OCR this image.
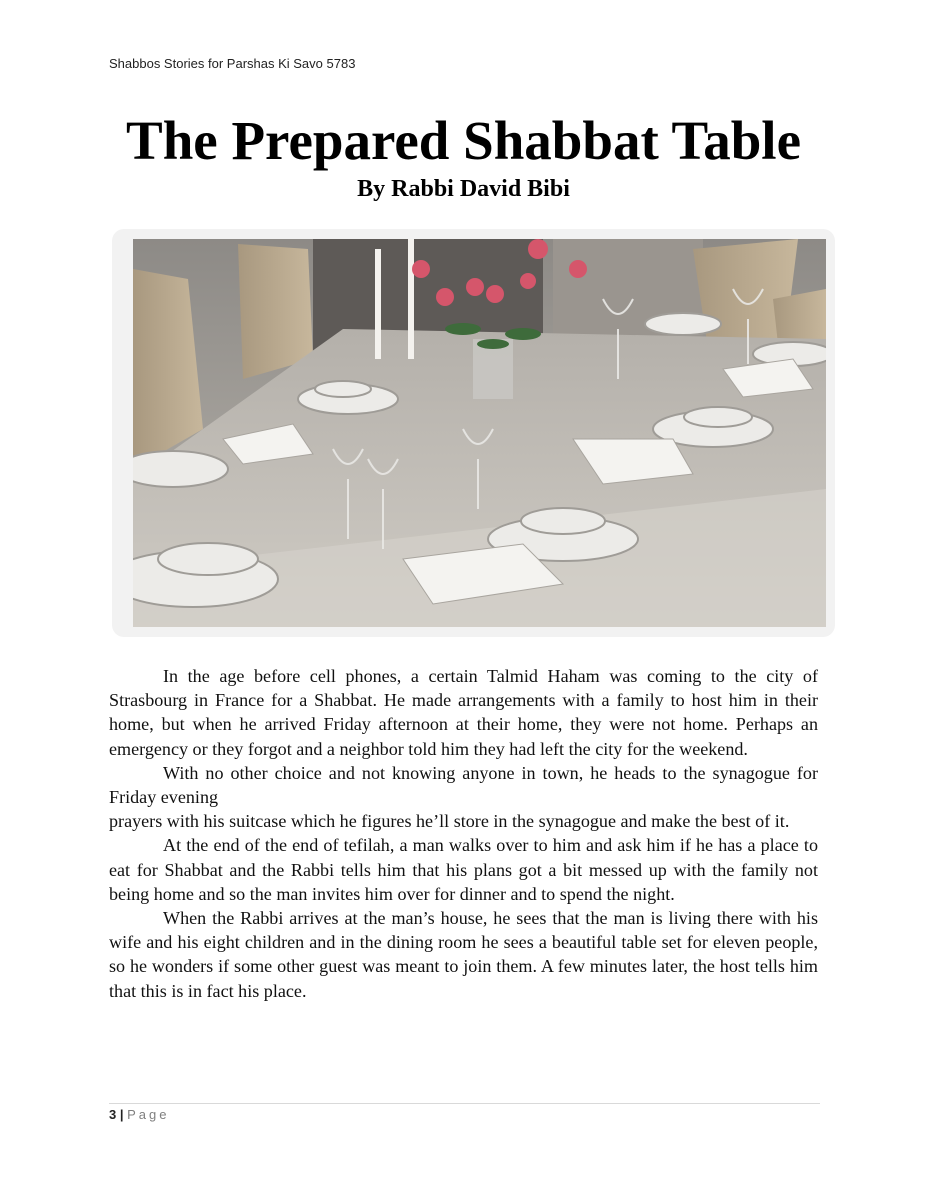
Shabbos Stories for Parshas Ki Savo 5783
The Prepared Shabbat Table
By Rabbi David Bibi

In the age before cell phones, a certain Talmid Haham was coming to the city of Strasbourg in France for a Shabbat. He made arrangements with a family to host him in their home, but when he arrived Friday afternoon at their home, they were not home. Perhaps an emergency or they forgot and a neighbor told him they had left the city for the weekend.

With no other choice and not knowing anyone in town, he heads to the synagogue for Friday evening

prayers with his suitcase which he figures he’ll store in the synagogue and make the best of it.

At the end of the end of tefilah, a man walks over to him and ask him if he has a place to eat for Shabbat and the Rabbi tells him that his plans got a bit messed up with the family not being home and so the man invites him over for dinner and to spend the night.

When the Rabbi arrives at the man’s house, he sees that the man is living there with his wife and his eight children and in the dining room he sees a beautiful table set for eleven people, so he wonders if some other guest was meant to join them. A few minutes later, the host tells him that this is in fact his place.

3 | Page
